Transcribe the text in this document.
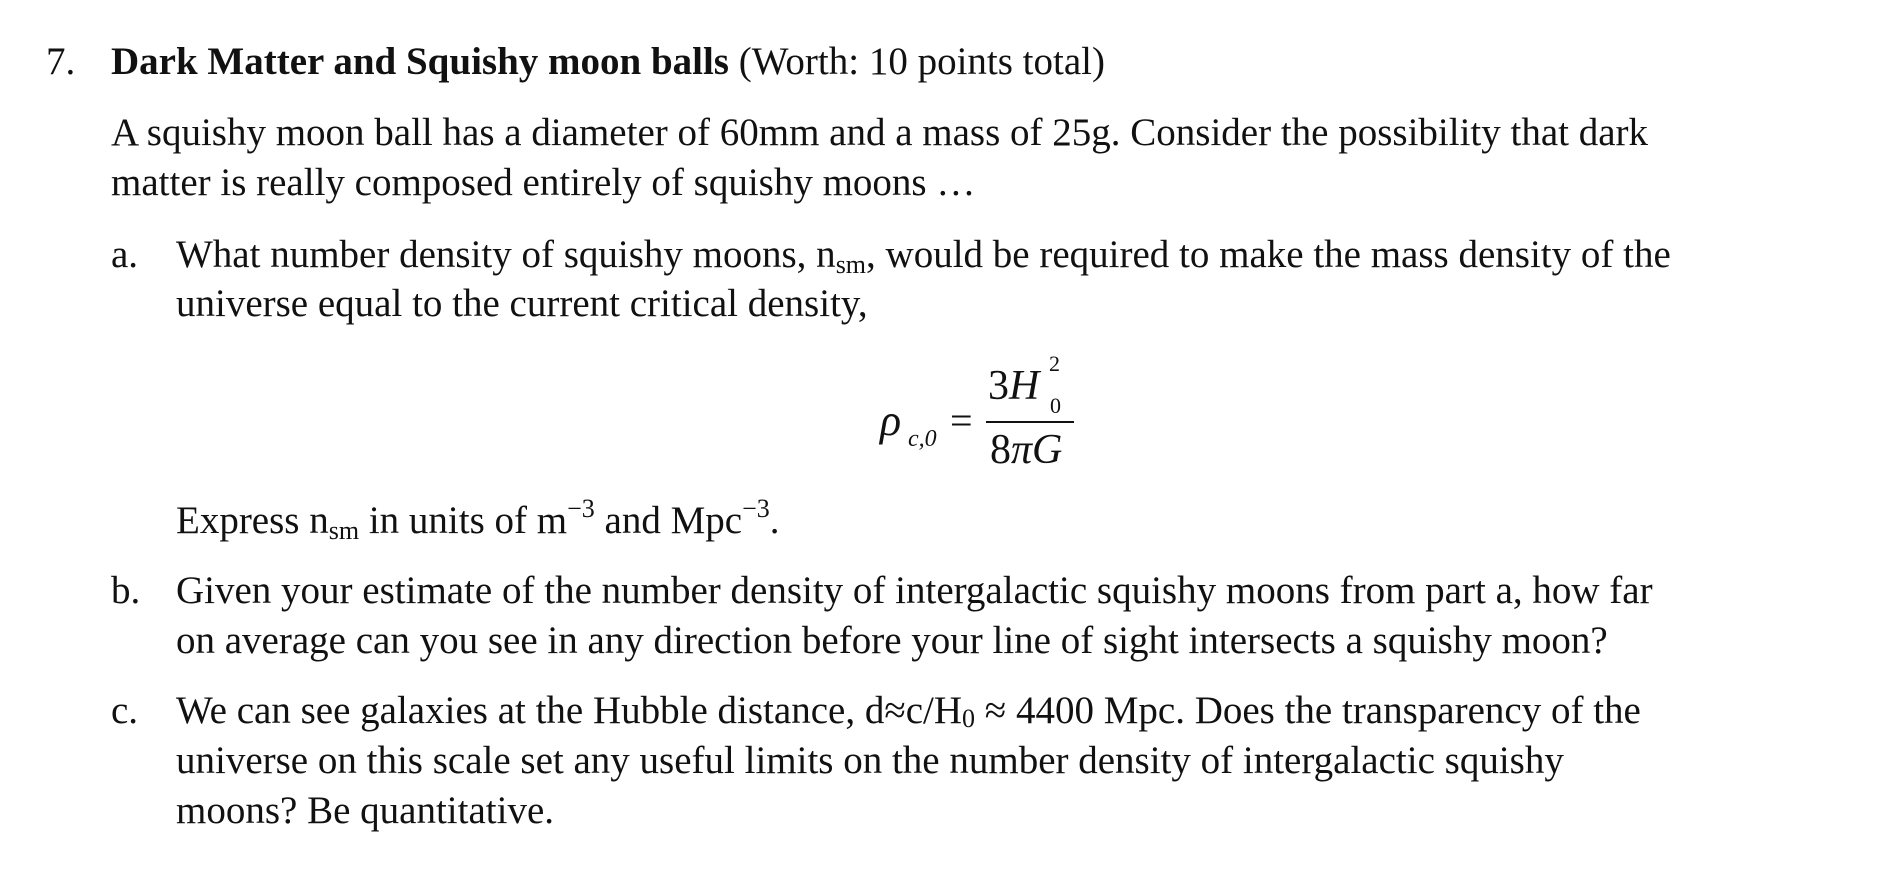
7. Dark Matter and Squishy moon balls (Worth: 10 points total)
A squishy moon ball has a diameter of 60mm and a mass of 25g. Consider the possibility that dark
matter is really composed entirely of squishy moons …
a. What number density of squishy moons, $n_{sm}$, would be required to make the mass density of the
universe equal to the current critical density,
ρ c,0 =
3H 2
0
8πG
Express $n_{sm}$ in units of $m^{-3}$ and Mpc$^{-3}$.
b. Given your estimate of the number density of intergalactic squishy moons from part a, how far
on average can you see in any direction before your line of sight intersects a squishy moon?
c. We can see galaxies at the Hubble distance, $d\approx c/H_0 \approx 4400$ Mpc. Does the transparency of the
universe on this scale set any useful limits on the number density of intergalactic squishy
moons? Be quantitative.
